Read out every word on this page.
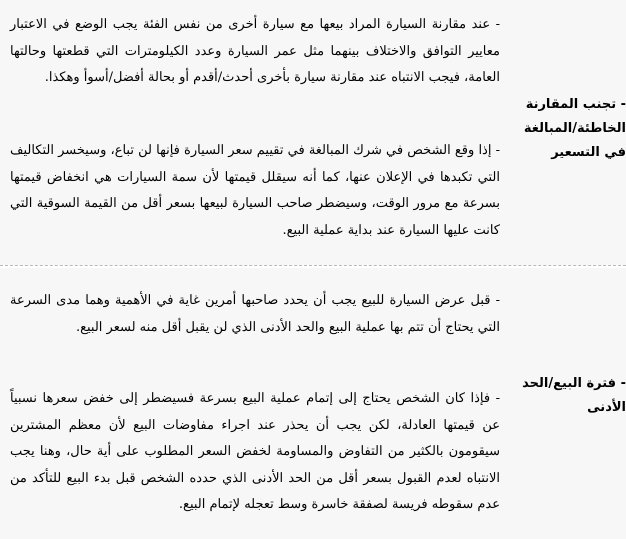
- تجنب المقارنة الخاطئة/المبالغة في التسعير

- عند مقارنة السيارة المراد بيعها مع سيارة أخرى من نفس الفئة يجب الوضع في الاعتبار معايير التوافق والاختلاف بينهما مثل عمر السيارة وعدد الكيلومترات التي قطعتها وحالتها العامة، فيجب الانتباه عند مقارنة سيارة بأخرى أحدث/أقدم أو بحالة أفضل/أسوأ وهكذا.

- إذا وقع الشخص في شرك المبالغة في تقييم سعر السيارة فإنها لن تباع، وسيخسر التكاليف التي تكبدها في الإعلان عنها، كما أنه سيقلل قيمتها لأن سمة السيارات هي انخفاض قيمتها بسرعة مع مرور الوقت، وسيضطر صاحب السيارة لبيعها بسعر أقل من القيمة السوقية التي كانت عليها السيارة عند بداية عملية البيع.

- فترة البيع/الحد الأدنى

- قبل عرض السيارة للبيع يجب أن يحدد صاحبها أمرين غاية في الأهمية وهما مدى السرعة التي يحتاج أن تتم بها عملية البيع والحد الأدنى الذي لن يقبل أقل منه لسعر البيع.

- فإذا كان الشخص يحتاج إلى إتمام عملية البيع بسرعة فسيضطر إلى خفض سعرها نسبياً عن قيمتها العادلة، لكن يجب أن يحذر عند اجراء مفاوضات البيع لأن معظم المشترين سيقومون بالكثير من التفاوض والمساومة لخفض السعر المطلوب على أية حال، وهنا يجب الانتباه لعدم القبول بسعر أقل من الحد الأدنى الذي حدده الشخص قبل بدء البيع للتأكد من عدم سقوطه فريسة لصفقة خاسرة وسط تعجله لإتمام البيع.
